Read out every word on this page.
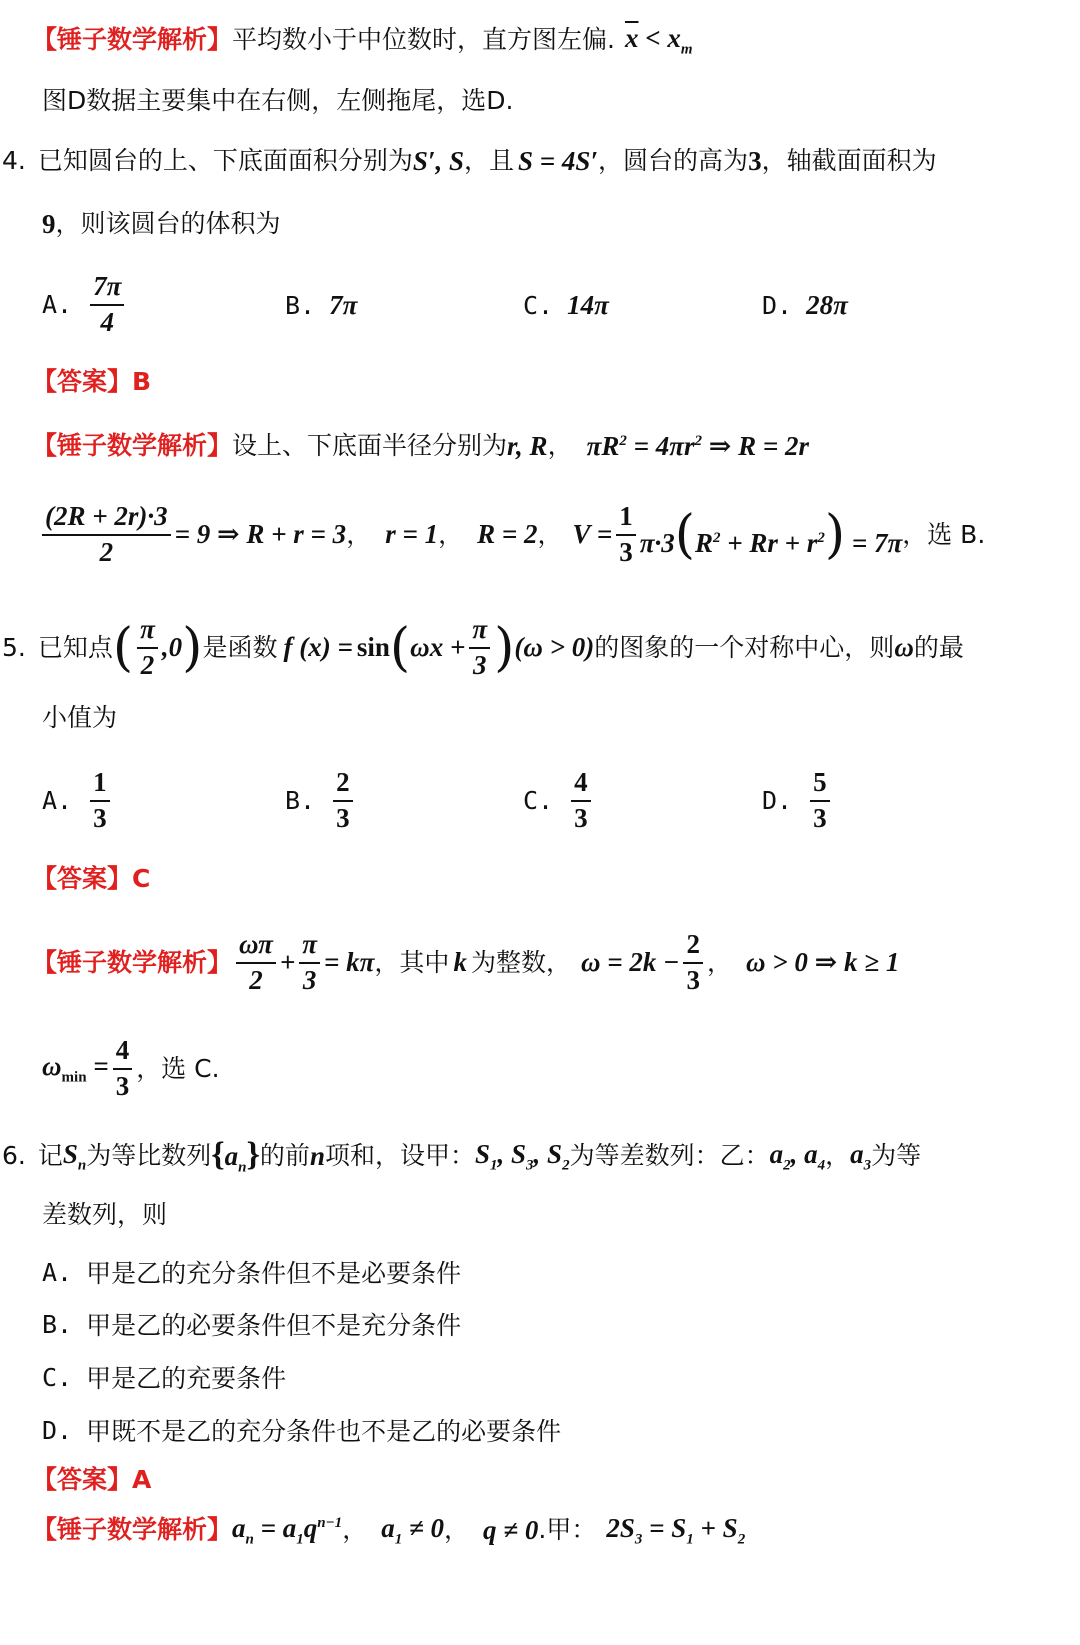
【锤子数学解析】 平均数小于中位数时，直方图左偏. $\overline{x} < x_m$
图D数据主要集中在右侧，左侧拖尾，选D.
4. 已知圆台的上、下底面面积分别为 S′, S ，且 S = 4S′ ，圆台的高为 3 ，轴截面面积为
9 ，则该圆台的体积为
A. $\frac{7\pi}{4}$	B. 7π	C. 14π	D. 28π
【答案】 B
【锤子数学解析】 设上、下底面半径分别为 r, R ， $\pi R^2 = 4\pi r^2$ ⇒ R = 2r
$\frac{(2R + 2r)\cdot 3}{2} = 9$ ⇒ R + r = 3 ， r = 1 ， R = 2 ， $V = \frac{1}{3} \pi\cdot 3(R^2 + Rr + r^2) = 7\pi$ ，选 B.
5. 已知点 ( $\frac{\pi}{2} ,0$ ) 是函数 f (x) = sin ( $\omega x + \frac{\pi}{3}$ ) (ω > 0) 的图象的一个对称中心，则 ω 的最
小值为
A. $\frac{1}{3}$	B. $\frac{2}{3}$	C. $\frac{4}{3}$	D. $\frac{5}{3}$
【答案】 C
【锤子数学解析】 $\frac{\omega\pi}{2} + \frac{\pi}{3} = k\pi$ ，其中 k 为整数， $\omega = 2k - \frac{2}{3}$ ， ω > 0 ⇒ k ≥ 1
$\omega_{min} = \frac{4}{3}$ ，选 C.
6. 记 $S_n$ 为等比数列 $\{a_n\}$ 的前 n 项和，设甲： $S_1$, $S_3$, $S_2$ 为等差数列：乙： $a_2$, $a_4$ ， $a_3$ 为等
差数列，则
A. 甲是乙的充分条件但不是必要条件
B. 甲是乙的必要条件但不是充分条件
C. 甲是乙的充要条件
D. 甲既不是乙的充分条件也不是乙的必要条件
【答案】 A
【锤子数学解析】 $a_n = a_1q^{n-1}$ ， $a_1 \ne 0$ ， q ≠ 0 . 甲： $2S_3 = S_1 + S_2$
